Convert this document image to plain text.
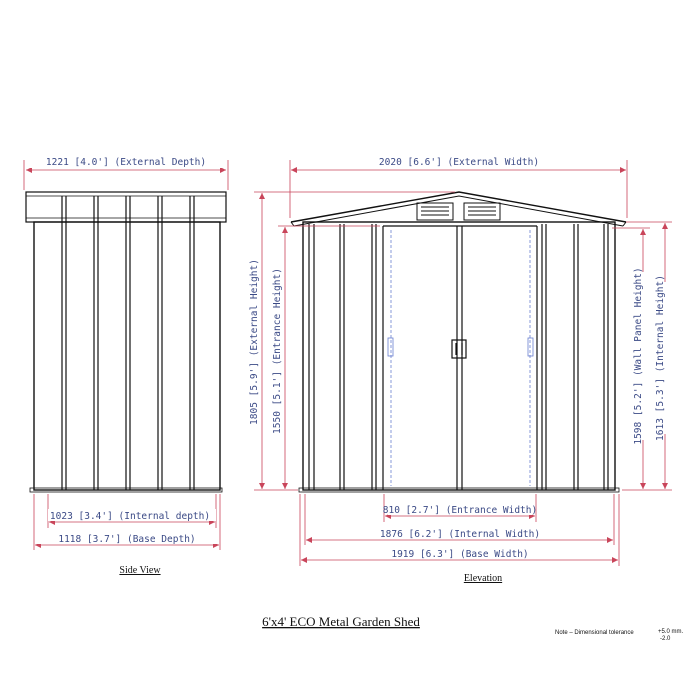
1221 [4.0'] (External Depth)
1023 [3.4'] (Internal depth)
1118 [3.7'] (Base Depth)
Side View
2020 [6.6'] (External Width)
810 [2.7'] (Entrance Width)
1876 [6.2'] (Internal Width)
1919 [6.3'] (Base Width)
1805 [5.9'] (External Height) 1550 [5.1'] (Entrance Height)	1598 [5.2'] (Wall Panel Height) 1613 [5.3'] (Internal Height)
Elevation
6'x4' ECO Metal Garden Shed
Note – Dimensional tolerance	+5.0 mm.
-2.0
